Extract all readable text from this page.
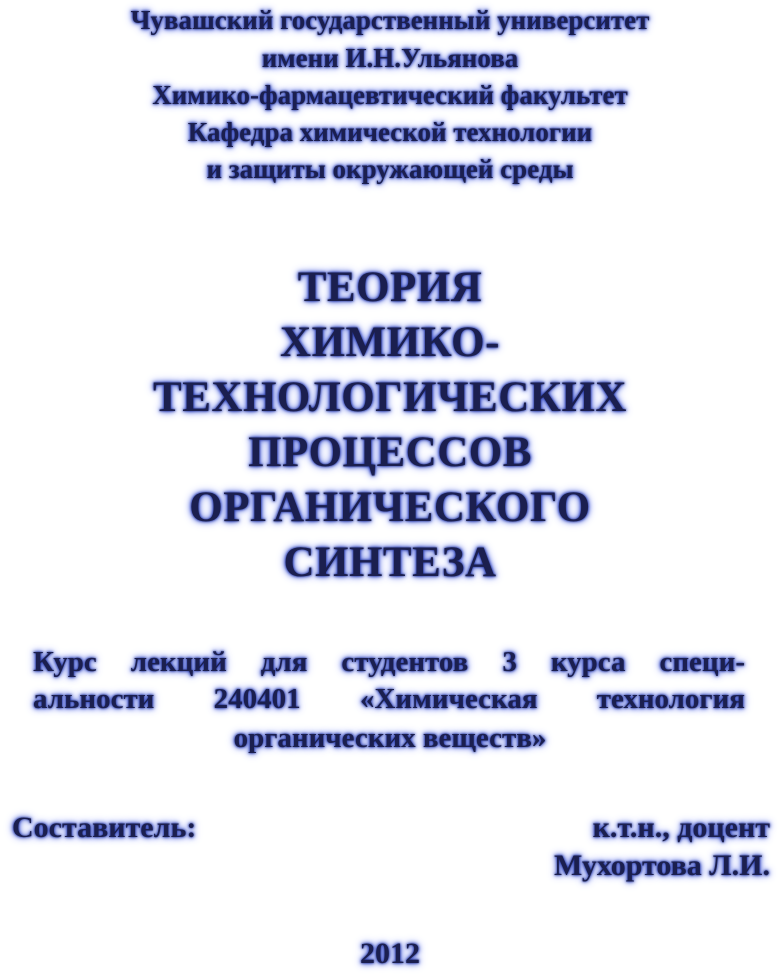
Чувашский государственный университет
имени И.Н.Ульянова
Химико-фармацевтический факультет
Кафедра химической технологии
и защиты окружающей среды
ТЕОРИЯ
ХИМИКО-
ТЕХНОЛОГИЧЕСКИХ
ПРОЦЕССОВ
ОРГАНИЧЕСКОГО
СИНТЕЗА
Курс лекций для студентов 3 курса специ-
альности 240401 «Химическая технология
органических веществ»
Составитель:	к.т.н., доцент
Мухортова Л.И.
2012
